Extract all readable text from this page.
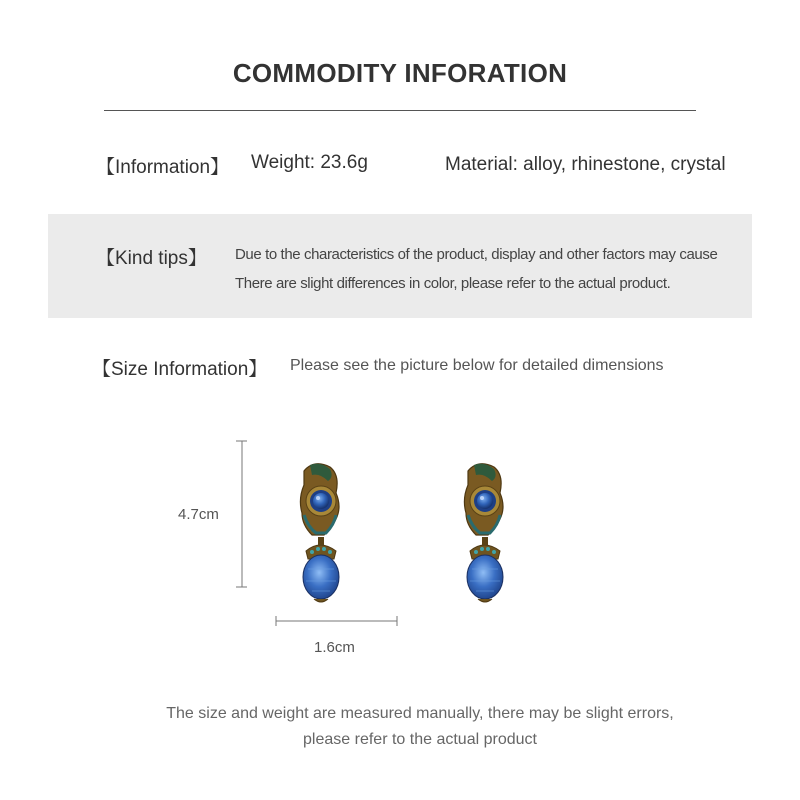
COMMODITY INFORATION
【Information】 Weight: 23.6g	Material: alloy, rhinestone, crystal
【Kind tips】 Due to the characteristics of the product, display and other factors may cause
There are slight differences in color, please refer to the actual product.
【Size Information】 Please see the picture below for detailed dimensions
4.7cm
1.6cm
The size and weight are measured manually, there may be slight errors,
please refer to the actual product
